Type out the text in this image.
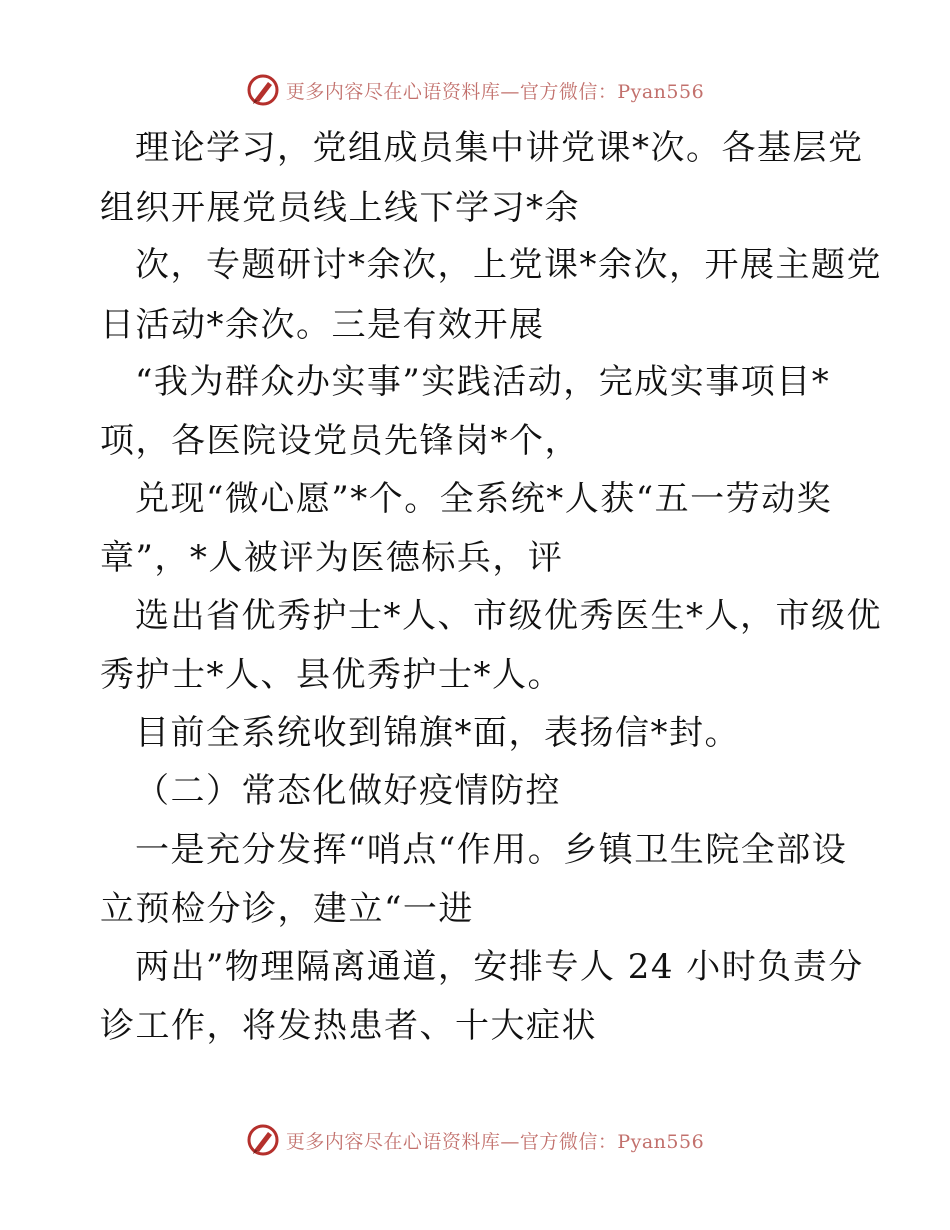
更多内容尽在心语资料库—官方微信：Pyan556
理论学习，党组成员集中讲党课*次。各基层党
组织开展党员线上线下学习*余
次，专题研讨*余次，上党课*余次，开展主题党
日活动*余次。三是有效开展
“我为群众办实事”实践活动，完成实事项目*
项，各医院设党员先锋岗*个，
兑现“微心愿”*个。全系统*人获“五一劳动奖
章”，*人被评为医德标兵，评
选出省优秀护士*人、市级优秀医生*人，市级优
秀护士*人、县优秀护士*人。
目前全系统收到锦旗*面，表扬信*封。
（二）常态化做好疫情防控
一是充分发挥“哨点“作用。乡镇卫生院全部设
立预检分诊，建立“一进
两出”物理隔离通道，安排专人 24 小时负责分
诊工作，将发热患者、十大症状
更多内容尽在心语资料库—官方微信：Pyan556
